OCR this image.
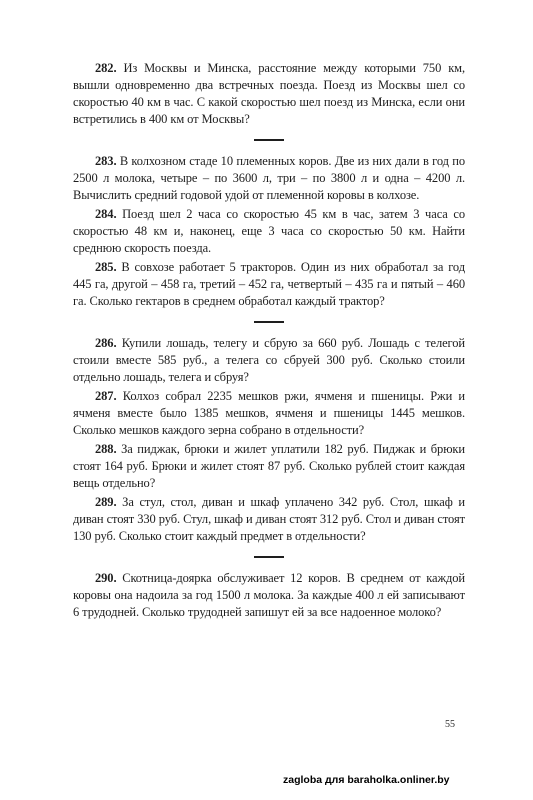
282. Из Москвы и Минска, расстояние между которыми 750 км, вышли одновременно два встречных поезда. Поезд из Москвы шел со скоростью 40 км в час. С какой скоростью шел поезд из Минска, если они встретились в 400 км от Москвы?

283. В колхозном стаде 10 племенных коров. Две из них дали в год по 2500 л молока, четыре – по 3600 л, три – по 3800 л и одна – 4200 л. Вычислить средний годовой удой от племенной коровы в колхозе.

284. Поезд шел 2 часа со скоростью 45 км в час, затем 3 часа со скоростью 48 км и, наконец, еще 3 часа со скоростью 50 км. Найти среднюю скорость поезда.

285. В совхозе работает 5 тракторов. Один из них обработал за год 445 га, другой – 458 га, третий – 452 га, четвертый – 435 га и пятый – 460 га. Сколько гектаров в среднем обработал каждый трактор?

286. Купили лошадь, телегу и сбрую за 660 руб. Лошадь с телегой стоили вместе 585 руб., а телега со сбруей 300 руб. Сколько стоили отдельно лошадь, телега и сбруя?

287. Колхоз собрал 2235 мешков ржи, ячменя и пшеницы. Ржи и ячменя вместе было 1385 мешков, ячменя и пшеницы 1445 мешков. Сколько мешков каждого зерна собрано в отдельности?

288. За пиджак, брюки и жилет уплатили 182 руб. Пиджак и брюки стоят 164 руб. Брюки и жилет стоят 87 руб. Сколько рублей стоит каждая вещь отдельно?

289. За стул, стол, диван и шкаф уплачено 342 руб. Стол, шкаф и диван стоят 330 руб. Стул, шкаф и диван стоят 312 руб. Стол и диван стоят 130 руб. Сколько стоит каждый предмет в отдельности?

290. Скотница-доярка обслуживает 12 коров. В среднем от каждой коровы она надоила за год 1500 л молока. За каждые 400 л ей записывают 6 трудодней. Сколько трудодней запишут ей за все надоенное молоко?

55
zagloba для baraholka.onliner.by
